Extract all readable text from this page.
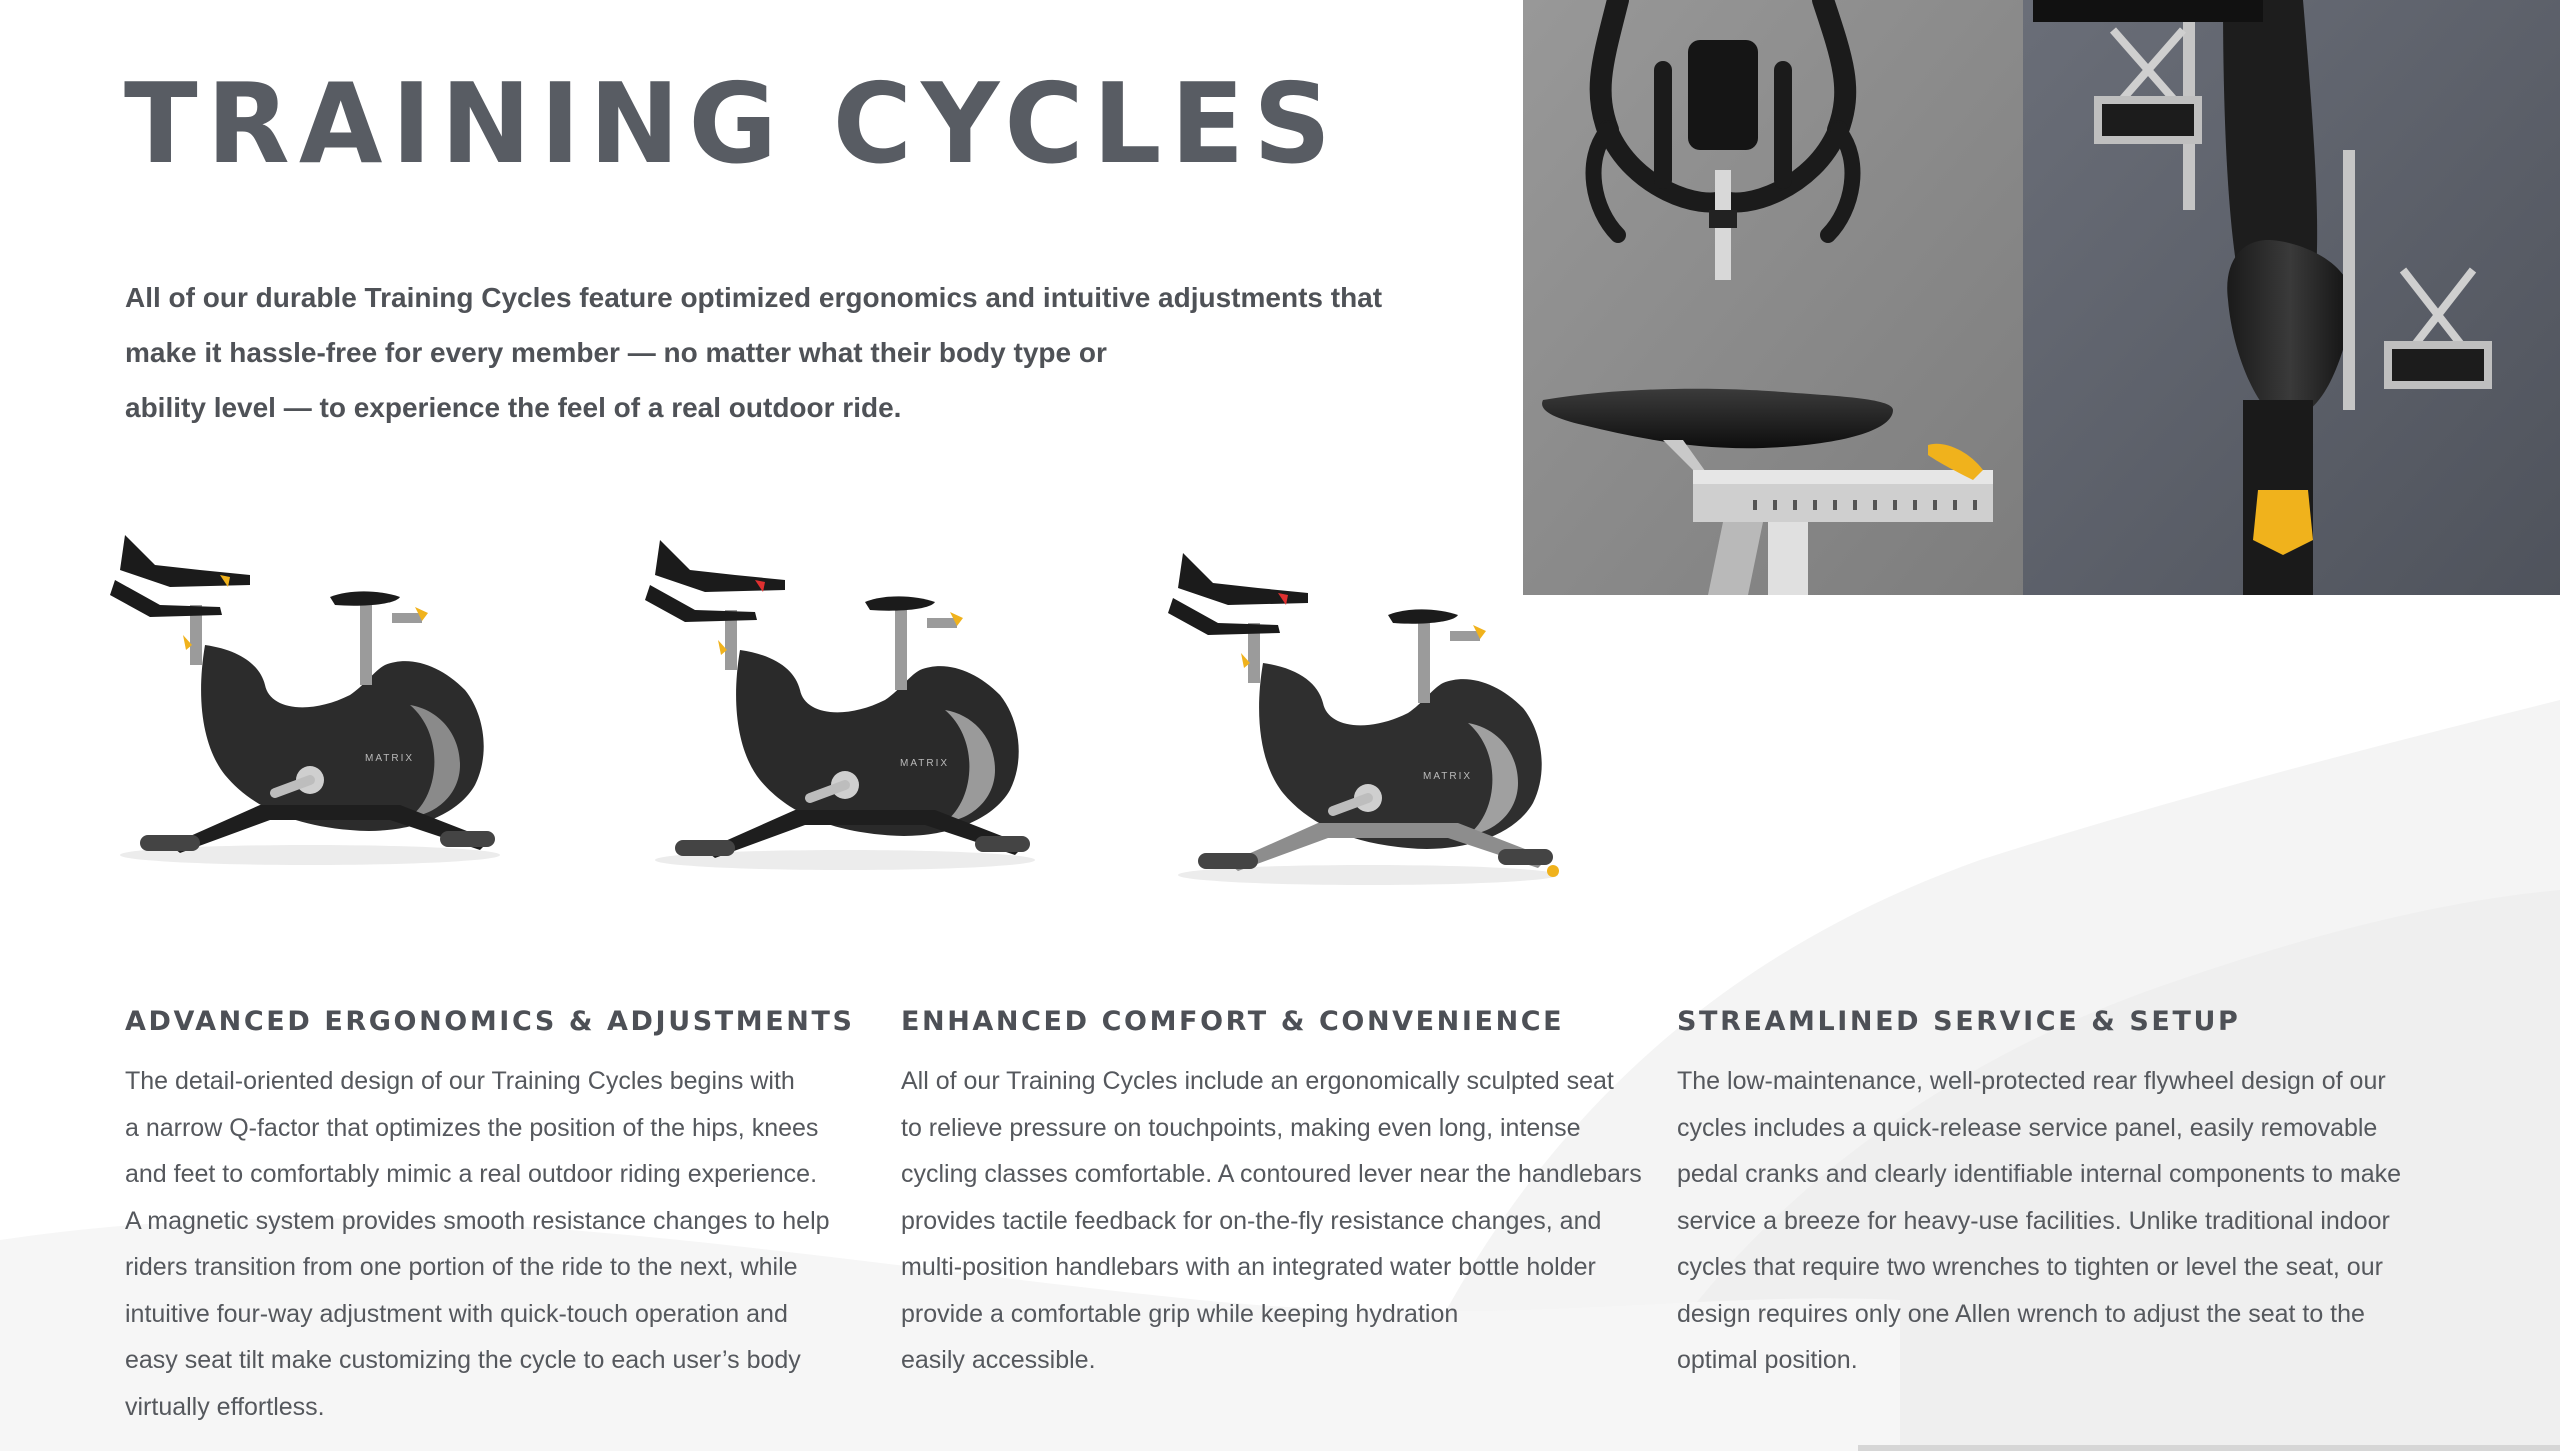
TRAINING CYCLES
All of our durable Training Cycles feature optimized ergonomics and intuitive adjustments that
make it hassle-free for every member — no matter what their body type or
ability level — to experience the feel of a real outdoor ride.
MATRIX	MATRIX
MATRIX
ADVANCED ERGONOMICS & ADJUSTMENTS

The detail-oriented design of our Training Cycles begins with
a narrow Q-factor that optimizes the position of the hips, knees
and feet to comfortably mimic a real outdoor riding experience.
A magnetic system provides smooth resistance changes to help
riders transition from one portion of the ride to the next, while
intuitive four-way adjustment with quick-touch operation and
easy seat tilt make customizing the cycle to each user’s body
virtually effortless.

ENHANCED COMFORT & CONVENIENCE

All of our Training Cycles include an ergonomically sculpted seat
to relieve pressure on touchpoints, making even long, intense
cycling classes comfortable. A contoured lever near the handlebars
provides tactile feedback for on-the-fly resistance changes, and
multi-position handlebars with an integrated water bottle holder
provide a comfortable grip while keeping hydration
easily accessible.

STREAMLINED SERVICE & SETUP

The low-maintenance, well-protected rear flywheel design of our
cycles includes a quick-release service panel, easily removable
pedal cranks and clearly identifiable internal components to make
service a breeze for heavy-use facilities. Unlike traditional indoor
cycles that require two wrenches to tighten or level the seat, our
design requires only one Allen wrench to adjust the seat to the
optimal position.
